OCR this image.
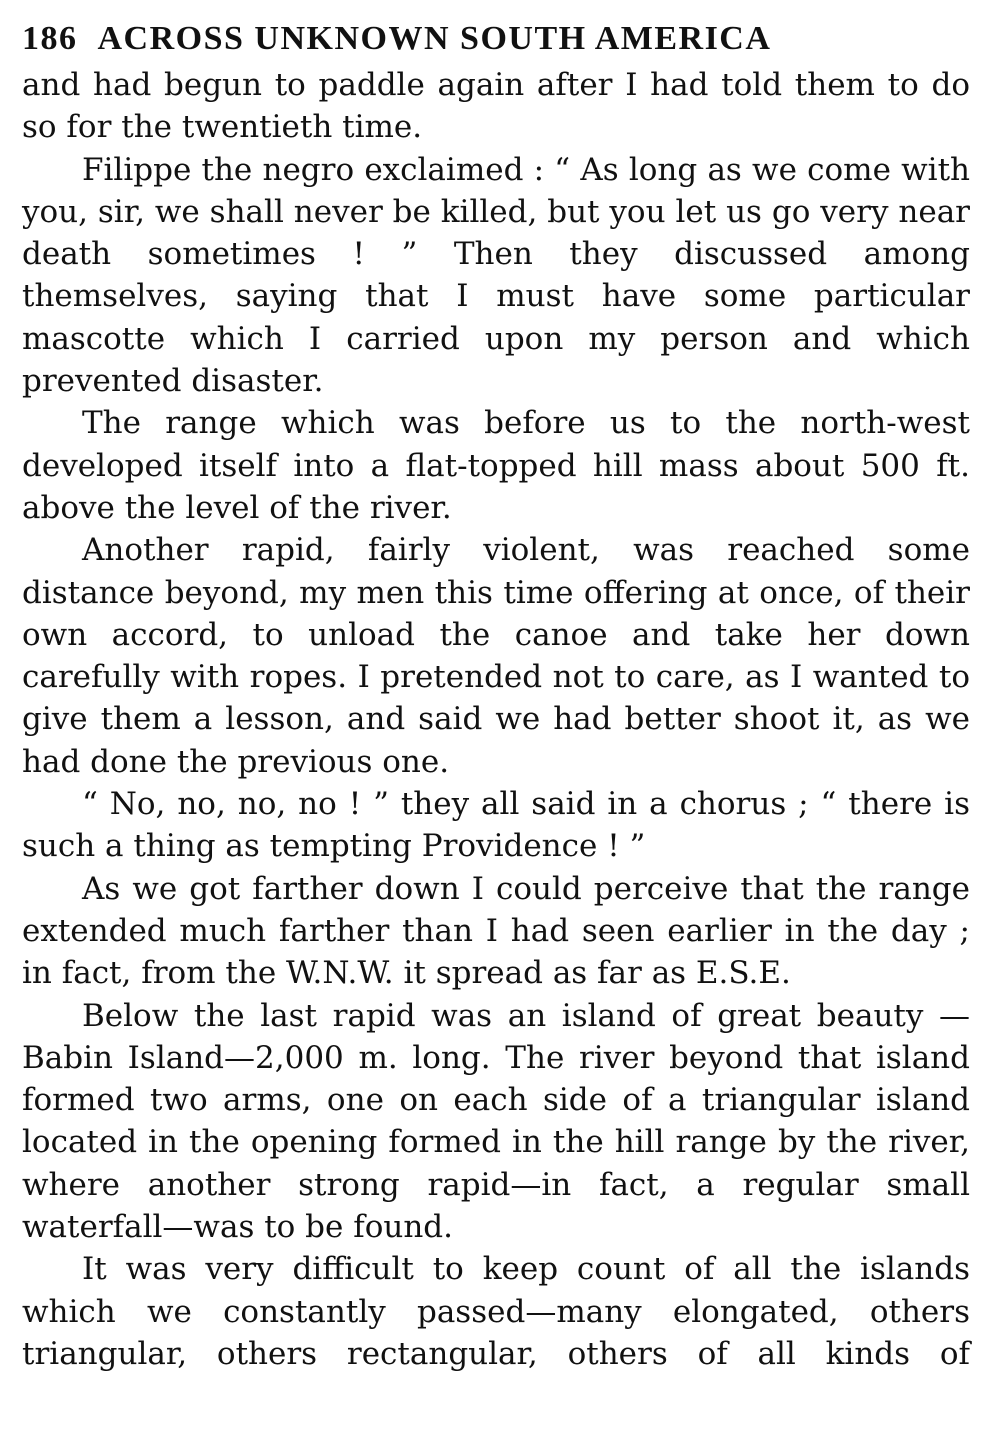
186 ACROSS UNKNOWN SOUTH AMERICA

and had begun to paddle again after I had told them to do so for the twentieth time.

Filippe the negro exclaimed : “ As long as we come with you, sir, we shall never be killed, but you let us go very near death sometimes ! ” Then they discussed among themselves, saying that I must have some particular mascotte which I carried upon my person and which prevented disaster.

The range which was before us to the north-west developed itself into a flat-topped hill mass about 500 ft. above the level of the river.

Another rapid, fairly violent, was reached some distance beyond, my men this time offering at once, of their own accord, to unload the canoe and take her down carefully with ropes. I pretended not to care, as I wanted to give them a lesson, and said we had better shoot it, as we had done the previous one.

“ No, no, no, no ! ” they all said in a chorus ; “ there is such a thing as tempting Providence ! ”

As we got farther down I could perceive that the range extended much farther than I had seen earlier in the day ; in fact, from the W.N.W. it spread as far as E.S.E.

Below the last rapid was an island of great beauty —Babin Island—2,000 m. long. The river beyond that island formed two arms, one on each side of a triangular island located in the opening formed in the hill range by the river, where another strong rapid—in fact, a regular small waterfall—was to be found.

It was very difficult to keep count of all the islands which we constantly passed—many elongated, others triangular, others rectangular, others of all kinds of
